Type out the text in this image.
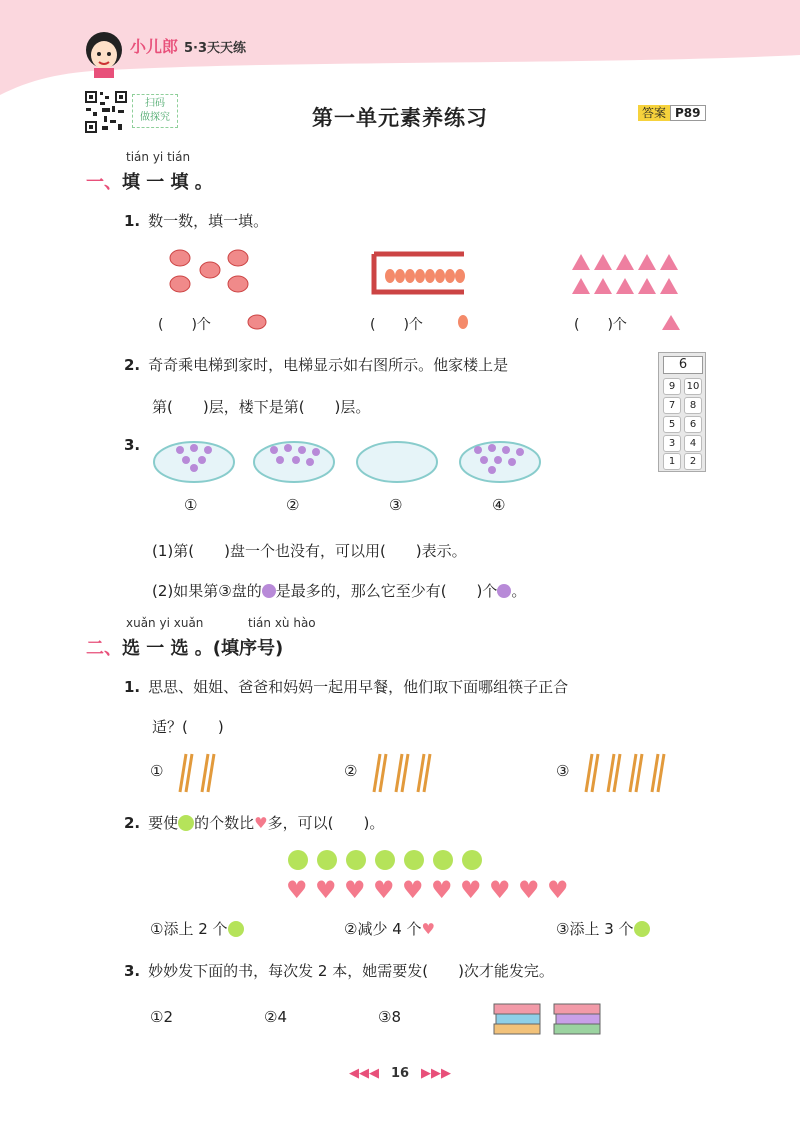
小儿郎 5·3天天练
扫码
做探究	第一单元素养练习	答案 P89
tián yi tián
一、填 一 填 。
1. 数一数，填一填。
(　　)个	(　　)个	(　　)个
2. 奇奇乘电梯到家时，电梯显示如右图所示。他家楼上是
第(　　)层，楼下是第(　　)层。
6
9	10
7	8
5	6
3	4
1	2
3.
①	②	③	④
(1)第(　　)盘一个也没有，可以用(　　)表示。
(2)如果第③盘的 是最多的，那么它至少有(　　)个 。
xuǎn yi xuǎn	tián xù hào
二、选 一 选 。(填序号)
1. 思思、姐姐、爸爸和妈妈一起用早餐，他们取下面哪组筷子正合
适？(　　)
①	②	③
2. 要使 的个数比♥多，可以(　　)。
♥ ♥ ♥ ♥ ♥ ♥ ♥ ♥ ♥ ♥
①添上 2 个	②减少 4 个♥	③添上 3 个
3. 妙妙发下面的书，每次发 2 本，她需要发(　　)次才能发完。
①2	②4	③8
◀◀◀ 16 ▶▶▶
